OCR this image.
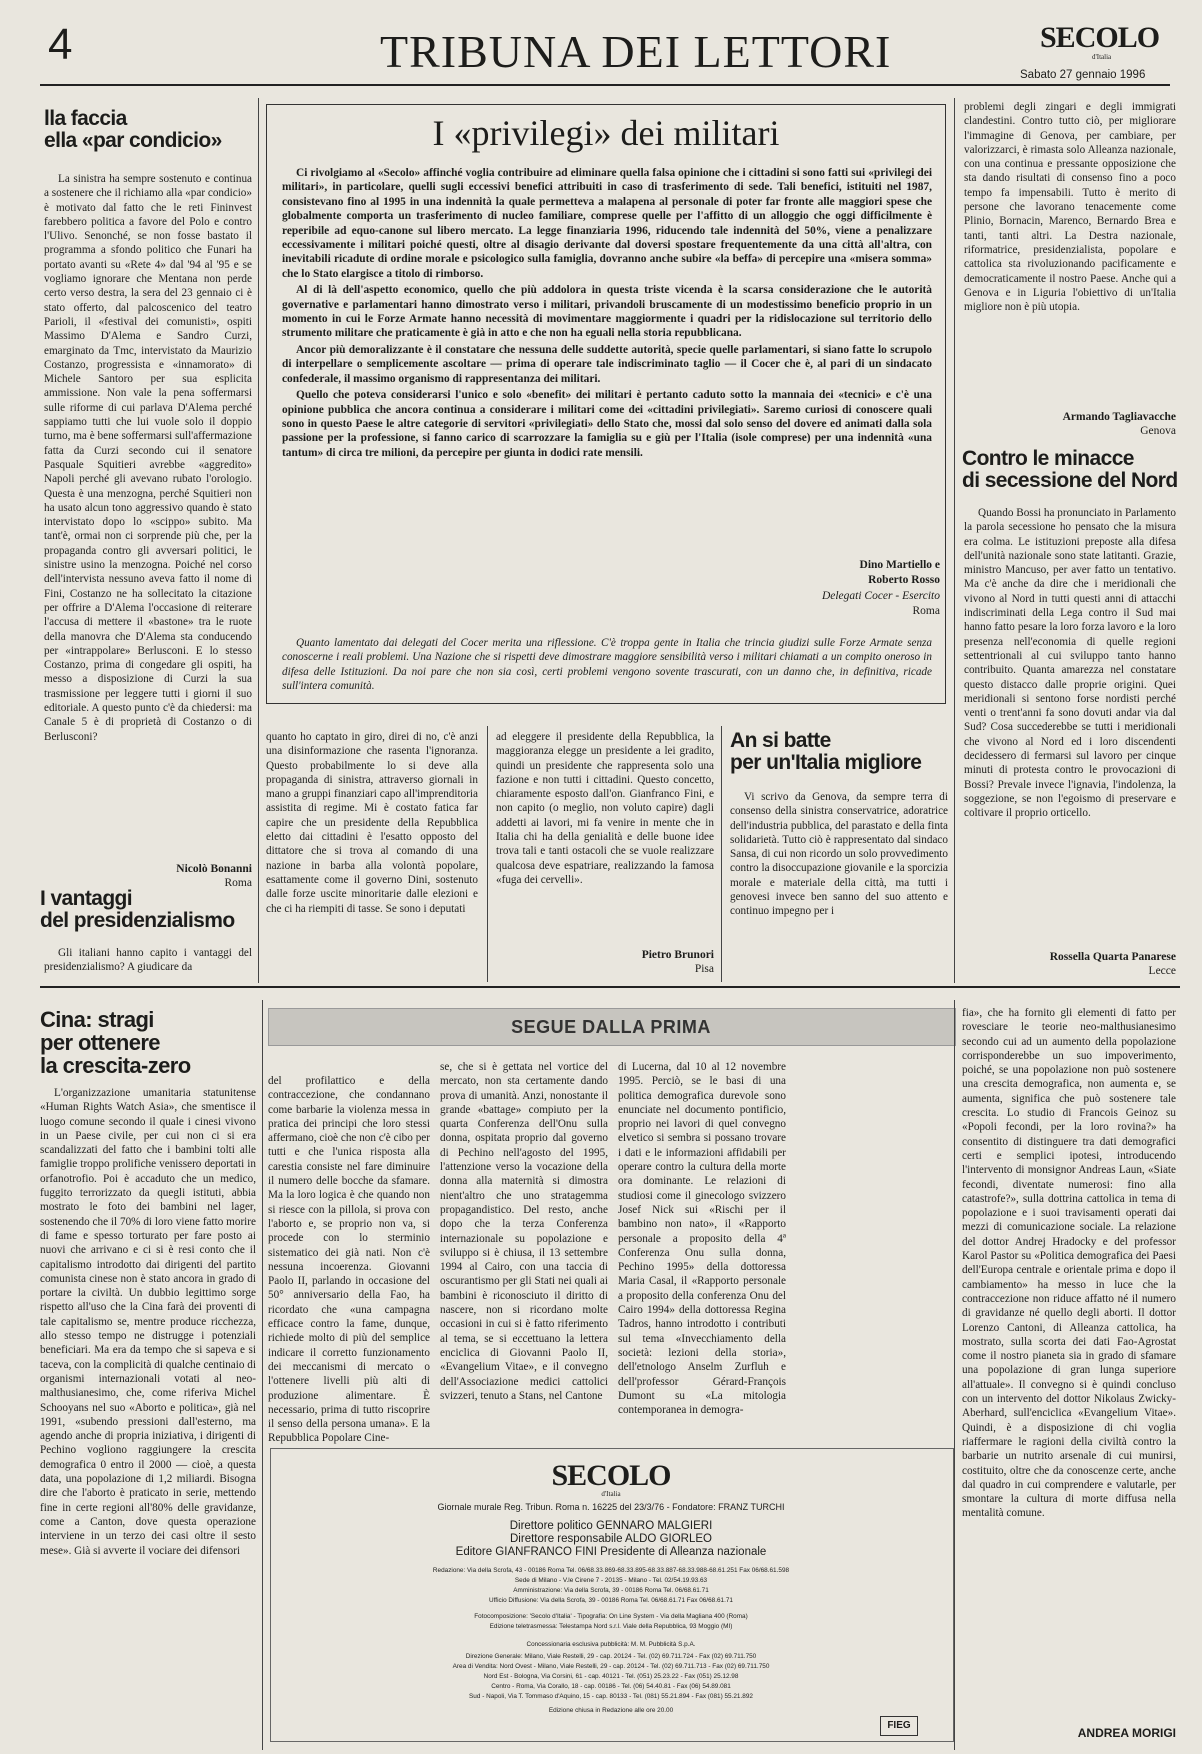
4	TRIBUNA DEI LETTORI	SECOLO
d'Italia
Sabato 27 gennaio 1996
lla faccia
ella «par condicio»
La sinistra ha sempre sostenuto e continua a sostenere che il richiamo alla «par condicio» è motivato dal fatto che le reti Fininvest farebbero politica a favore del Polo e contro l'Ulivo. Senonché, se non fosse bastato il programma a sfondo politico che Funari ha portato avanti su «Rete 4» dal '94 al '95 e se vogliamo ignorare che Mentana non perde certo verso destra, la sera del 23 gennaio ci è stato offerto, dal palcoscenico del teatro Parioli, il «festival dei comunisti», ospiti Massimo D'Alema e Sandro Curzi, emarginato da Tmc, intervistato da Maurizio Costanzo, progressista e «innamorato» di Michele Santoro per sua esplicita ammissione. Non vale la pena soffermarsi sulle riforme di cui parlava D'Alema perché sappiamo tutti che lui vuole solo il doppio turno, ma è bene soffermarsi sull'affermazione fatta da Curzi secondo cui il senatore Pasquale Squitieri avrebbe «aggredito» Napoli perché gli avevano rubato l'orologio. Questa è una menzogna, perché Squitieri non ha usato alcun tono aggressivo quando è stato intervistato dopo lo «scippo» subito. Ma tant'è, ormai non ci sorprende più che, per la propaganda contro gli avversari politici, le sinistre usino la menzogna. Poiché nel corso dell'intervista nessuno aveva fatto il nome di Fini, Costanzo ne ha sollecitato la citazione per offrire a D'Alema l'occasione di reiterare l'accusa di mettere il «bastone» tra le ruote della manovra che D'Alema sta conducendo per «intrappolare» Berlusconi. E lo stesso Costanzo, prima di congedare gli ospiti, ha messo a disposizione di Curzi la sua trasmissione per leggere tutti i giorni il suo editoriale. A questo punto c'è da chiedersi: ma Canale 5 è di proprietà di Costanzo o di Berlusconi?
Nicolò Bonanni
Roma
I vantaggi
del presidenzialismo
Gli italiani hanno capito i vantaggi del presidenzialismo? A giudicare da
I «privilegi» dei militari

Ci rivolgiamo al «Secolo» affinché voglia contribuire ad eliminare quella falsa opinione che i cittadini si sono fatti sui «privilegi dei militari», in particolare, quelli sugli eccessivi benefici attribuiti in caso di trasferimento di sede. Tali benefici, istituiti nel 1987, consistevano fino al 1995 in una indennità la quale permetteva a malapena al personale di poter far fronte alle maggiori spese che globalmente comporta un trasferimento di nucleo familiare, comprese quelle per l'affitto di un alloggio che oggi difficilmente è reperibile ad equo-canone sul libero mercato. La legge finanziaria 1996, riducendo tale indennità del 50%, viene a penalizzare eccessivamente i militari poiché questi, oltre al disagio derivante dal doversi spostare frequentemente da una città all'altra, con inevitabili ricadute di ordine morale e psicologico sulla famiglia, dovranno anche subire «la beffa» di percepire una «misera somma» che lo Stato elargisce a titolo di rimborso.

Al di là dell'aspetto economico, quello che più addolora in questa triste vicenda è la scarsa considerazione che le autorità governative e parlamentari hanno dimostrato verso i militari, privandoli bruscamente di un modestissimo beneficio proprio in un momento in cui le Forze Armate hanno necessità di movimentare maggiormente i quadri per la ridislocazione sul territorio dello strumento militare che praticamente è già in atto e che non ha eguali nella storia repubblicana.

Ancor più demoralizzante è il constatare che nessuna delle suddette autorità, specie quelle parlamentari, si siano fatte lo scrupolo di interpellare o semplicemente ascoltare — prima di operare tale indiscriminato taglio — il Cocer che è, al pari di un sindacato confederale, il massimo organismo di rappresentanza dei militari.

Quello che poteva considerarsi l'unico e solo «benefit» dei militari è pertanto caduto sotto la mannaia dei «tecnici» e c'è una opinione pubblica che ancora continua a considerare i militari come dei «cittadini privilegiati». Saremo curiosi di conoscere quali sono in questo Paese le altre categorie di servitori «privilegiati» dello Stato che, mossi dal solo senso del dovere ed animati dalla sola passione per la professione, si fanno carico di scarrozzare la famiglia su e giù per l'Italia (isole comprese) per una indennità «una tantum» di circa tre milioni, da percepire per giunta in dodici rate mensili.

Dino Martiello e
Roberto Rosso
Delegati Cocer - Esercito
Roma
Quanto lamentato dai delegati del Cocer merita una riflessione. C'è troppa gente in Italia che trincia giudizi sulle Forze Armate senza conoscerne i reali problemi. Una Nazione che si rispetti deve dimostrare maggiore sensibilità verso i militari chiamati a un compito oneroso in difesa delle Istituzioni. Da noi pare che non sia così, certi problemi vengono sovente trascurati, con un danno che, in definitiva, ricade sull'intera comunità.
quanto ho captato in giro, direi di no, c'è anzi una disinformazione che rasenta l'ignoranza. Questo probabilmente lo si deve alla propaganda di sinistra, attraverso giornali in mano a gruppi finanziari capo all'imprenditoria assistita di regime. Mi è costato fatica far capire che un presidente della Repubblica eletto dai cittadini è l'esatto opposto del dittatore che si trova al comando di una nazione in barba alla volontà popolare, esattamente come il governo Dini, sostenuto dalle forze uscite minoritarie dalle elezioni e che ci ha riempiti di tasse. Se sono i deputati
ad eleggere il presidente della Repubblica, la maggioranza elegge un presidente a lei gradito, quindi un presidente che rappresenta solo una fazione e non tutti i cittadini. Questo concetto, chiaramente esposto dall'on. Gianfranco Fini, e non capito (o meglio, non voluto capire) dagli addetti ai lavori, mi fa venire in mente che in Italia chi ha della genialità e delle buone idee trova tali e tanti ostacoli che se vuole realizzare qualcosa deve espatriare, realizzando la famosa «fuga dei cervelli».
Pietro Brunori
Pisa
An si batte
per un'Italia migliore
Vi scrivo da Genova, da sempre terra di consenso della sinistra conservatrice, adoratrice dell'industria pubblica, del parastato e della finta solidarietà. Tutto ciò è rappresentato dal sindaco Sansa, di cui non ricordo un solo provvedimento contro la disoccupazione giovanile e la sporcizia morale e materiale della città, ma tutti i genovesi invece ben sanno del suo attento e continuo impegno per i
problemi degli zingari e degli immigrati clandestini. Contro tutto ciò, per migliorare l'immagine di Genova, per cambiare, per valorizzarci, è rimasta solo Alleanza nazionale, con una continua e pressante opposizione che sta dando risultati di consenso fino a poco tempo fa impensabili. Tutto è merito di persone che lavorano tenacemente come Plinio, Bornacin, Marenco, Bernardo Brea e tanti, tanti altri. La Destra nazionale, riformatrice, presidenzialista, popolare e cattolica sta rivoluzionando pacificamente e democraticamente il nostro Paese. Anche qui a Genova e in Liguria l'obiettivo di un'Italia migliore non è più utopia.
Armando Tagliavacche
Genova
Contro le minacce
di secessione del Nord
Quando Bossi ha pronunciato in Parlamento la parola secessione ho pensato che la misura era colma. Le istituzioni preposte alla difesa dell'unità nazionale sono state latitanti. Grazie, ministro Mancuso, per aver fatto un tentativo. Ma c'è anche da dire che i meridionali che vivono al Nord in tutti questi anni di attacchi indiscriminati della Lega contro il Sud mai hanno fatto pesare la loro forza lavoro e la loro presenza nell'economia di quelle regioni settentrionali al cui sviluppo tanto hanno contribuito. Quanta amarezza nel constatare questo distacco dalle proprie origini. Quei meridionali si sentono forse nordisti perché venti o trent'anni fa sono dovuti andar via dal Sud? Cosa succederebbe se tutti i meridionali che vivono al Nord ed i loro discendenti decidessero di fermarsi sul lavoro per cinque minuti di protesta contro le provocazioni di Bossi? Prevale invece l'ignavia, l'indolenza, la soggezione, se non l'egoismo di preservare e coltivare il proprio orticello.
Rossella Quarta Panarese
Lecce
Cina: stragi
per ottenere
la crescita-zero
SEGUE DALLA PRIMA
L'organizzazione umanitaria statunitense «Human Rights Watch Asia», che smentisce il luogo comune secondo il quale i cinesi vivono in un Paese civile, per cui non ci si era scandalizzati del fatto che i bambini tolti alle famiglie troppo prolifiche venissero deportati in orfanotrofio. Poi è accaduto che un medico, fuggito terrorizzato da quegli istituti, abbia mostrato le foto dei bambini nel lager, sostenendo che il 70% di loro viene fatto morire di fame e spesso torturato per fare posto ai nuovi che arrivano e ci si è resi conto che il capitalismo introdotto dai dirigenti del partito comunista cinese non è stato ancora in grado di portare la civiltà. Un dubbio legittimo sorge rispetto all'uso che la Cina farà dei proventi di tale capitalismo se, mentre produce ricchezza, allo stesso tempo ne distrugge i potenziali beneficiari. Ma era da tempo che si sapeva e si taceva, con la complicità di qualche centinaio di organismi internazionali votati al neo-malthusianesimo, che, come riferiva Michel Schooyans nel suo «Aborto e politica», già nel 1991, «subendo pressioni dall'esterno, ma agendo anche di propria iniziativa, i dirigenti di Pechino vogliono raggiungere la crescita demografica 0 entro il 2000 — cioè, a questa data, una popolazione di 1,2 miliardi. Bisogna dire che l'aborto è praticato in serie, mettendo fine in certe regioni all'80% delle gravidanze, come a Canton, dove questa operazione interviene in un terzo dei casi oltre il sesto mese». Già si avverte il vociare dei difensori
del profilattico e della contraccezione, che condannano come barbarie la violenza messa in pratica dei principi che loro stessi affermano, cioè che non c'è cibo per tutti e che l'unica risposta alla carestia consiste nel fare diminuire il numero delle bocche da sfamare. Ma la loro logica è che quando non si riesce con la pillola, si prova con l'aborto e, se proprio non va, si procede con lo sterminio sistematico dei già nati. Non c'è nessuna incoerenza. Giovanni Paolo II, parlando in occasione del 50° anniversario della Fao, ha ricordato che «una campagna efficace contro la fame, dunque, richiede molto di più del semplice indicare il corretto funzionamento dei meccanismi di mercato o l'ottenere livelli più alti di produzione alimentare. È necessario, prima di tutto riscoprire il senso della persona umana». E la Repubblica Popolare Cine-
se, che si è gettata nel vortice del mercato, non sta certamente dando prova di umanità. Anzi, nonostante il grande «battage» compiuto per la quarta Conferenza dell'Onu sulla donna, ospitata proprio dal governo di Pechino nell'agosto del 1995, l'attenzione verso la vocazione della donna alla maternità si dimostra nient'altro che uno stratagemma propagandistico. Del resto, anche dopo che la terza Conferenza internazionale su popolazione e sviluppo si è chiusa, il 13 settembre 1994 al Cairo, con una taccia di oscurantismo per gli Stati nei quali ai bambini è riconosciuto il diritto di nascere, non si ricordano molte occasioni in cui si è fatto riferimento al tema, se si eccettuano la lettera enciclica di Giovanni Paolo II, «Evangelium Vitae», e il convegno dell'Associazione medici cattolici svizzeri, tenuto a Stans, nel Cantone
di Lucerna, dal 10 al 12 novembre 1995. Perciò, se le basi di una politica demografica durevole sono enunciate nel documento pontificio, proprio nei lavori di quel convegno elvetico si sembra si possano trovare i dati e le informazioni affidabili per operare contro la cultura della morte ora dominante. Le relazioni di studiosi come il ginecologo svizzero Josef Nick sui «Rischi per il bambino non nato», il «Rapporto personale a proposito della 4ª Conferenza Onu sulla donna, Pechino 1995» della dottoressa Maria Casal, il «Rapporto personale a proposito della conferenza Onu del Cairo 1994» della dottoressa Regina Tadros, hanno introdotto i contributi sul tema «Invecchiamento della società: lezioni della storia», dell'etnologo Anselm Zurfluh e dell'professor Gérard-François Dumont su «La mitologia contemporanea in demogra-
fia», che ha fornito gli elementi di fatto per rovesciare le teorie neo-malthusianesimo secondo cui ad un aumento della popolazione corrisponderebbe un suo impoverimento, poiché, se una popolazione non può sostenere una crescita demografica, non aumenta e, se aumenta, significa che può sostenere tale crescita. Lo studio di Francois Geinoz su «Popoli fecondi, per la loro rovina?» ha consentito di distinguere tra dati demografici certi e semplici ipotesi, introducendo l'intervento di monsignor Andreas Laun, «Siate fecondi, diventate numerosi: fino alla catastrofe?», sulla dottrina cattolica in tema di popolazione e i suoi travisamenti operati dai mezzi di comunicazione sociale. La relazione del dottor Andrej Hradocky e del professor Karol Pastor su «Politica demografica dei Paesi dell'Europa centrale e orientale prima e dopo il cambiamento» ha messo in luce che la contraccezione non riduce affatto né il numero di gravidanze né quello degli aborti. Il dottor Lorenzo Cantoni, di Alleanza cattolica, ha mostrato, sulla scorta dei dati Fao-Agrostat come il nostro pianeta sia in grado di sfamare una popolazione di gran lunga superiore all'attuale». Il convegno si è quindi concluso con un intervento del dottor Nikolaus Zwicky-Aberhard, sull'enciclica «Evangelium Vitae». Quindi, è a disposizione di chi voglia riaffermare le ragioni della civiltà contro la barbarie un nutrito arsenale di cui munirsi, costituito, oltre che da conoscenze certe, anche dal quadro in cui comprendere e valutarle, per smontare la cultura di morte diffusa nella mentalità comune.
ANDREA MORIGI
SECOLO
d'Italia
Giornale murale Reg. Tribun. Roma n. 16225 del 23/3/76 - Fondatore: FRANZ TURCHI
Direttore politico GENNARO MALGIERI
Direttore responsabile ALDO GIORLEO
Editore GIANFRANCO FINI Presidente di Alleanza nazionale
Redazione: Via della Scrofa, 43 - 00186 Roma Tel. 06/68.33.869-68.33.895-68.33.887-68.33.988-68.61.251 Fax 06/68.61.598
Sede di Milano - V.le Cirene 7 - 20135 - Milano - Tel. 02/54.19.93.63
Amministrazione: Via della Scrofa, 39 - 00186 Roma Tel. 06/68.61.71
Ufficio Diffusione: Via della Scrofa, 39 - 00186 Roma Tel. 06/68.61.71 Fax 06/68.61.71
Fotocomposizione: 'Secolo d'Italia' - Tipografia: On Line System - Via della Magliana 400 (Roma)
Edizione teletrasmessa: Telestampa Nord s.r.l. Viale della Repubblica, 93 Moggio (MI)
Concessionaria esclusiva pubblicità: M. M. Pubblicità S.p.A.
Direzione Generale: Milano, Viale Restelli, 29 - cap. 20124 - Tel. (02) 69.711.724 - Fax (02) 69.711.750
Area di Vendita: Nord Ovest - Milano, Viale Restelli, 29 - cap. 20124 - Tel. (02) 69.711.713 - Fax (02) 69.711.750
Nord Est - Bologna, Via Corsini, 61 - cap. 40121 - Tel. (051) 25.23.22 - Fax (051) 25.12.98
Centro - Roma, Via Corallo, 18 - cap. 00186 - Tel. (06) 54.40.81 - Fax (06) 54.89.081
Sud - Napoli, Via T. Tommaso d'Aquino, 15 - cap. 80133 - Tel. (081) 55.21.894 - Fax (081) 55.21.892
Edizione chiusa in Redazione alle ore 20.00
FIEG
